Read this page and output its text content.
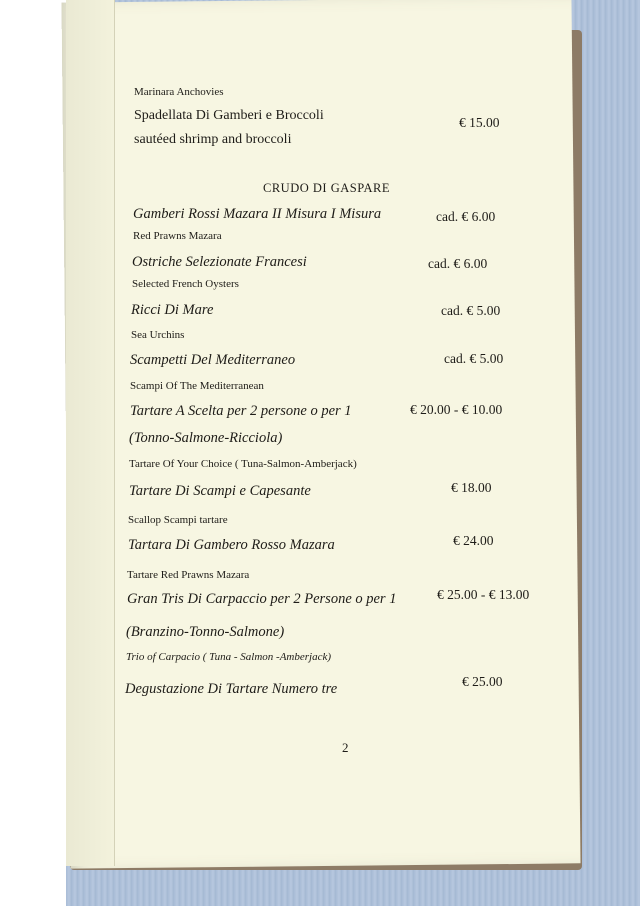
Marinara Anchovies
Spadellata Di Gamberi e Broccoli	€ 15.00
sautéed shrimp and broccoli
CRUDO DI GASPARE
Gamberi Rossi Mazara II Misura I Misura	cad. € 6.00
Red Prawns Mazara
Ostriche Selezionate Francesi	cad. € 6.00
Selected French Oysters
Ricci Di Mare	cad. € 5.00
Sea Urchins
Scampetti Del Mediterraneo	cad. € 5.00
Scampi Of The Mediterranean
Tartare A Scelta per 2 persone o per 1	€ 20.00 - € 10.00
(Tonno-Salmone-Ricciola)
Tartare Of Your Choice ( Tuna-Salmon-Amberjack)
Tartare Di Scampi e Capesante	€ 18.00
Scallop Scampi tartare
Tartara Di Gambero Rosso Mazara	€ 24.00
Tartare Red Prawns Mazara
Gran Tris Di Carpaccio per 2 Persone o per 1	€ 25.00 - € 13.00
(Branzino-Tonno-Salmone)
Trio of Carpacio ( Tuna - Salmon -Amberjack)
Degustazione Di Tartare Numero tre	€ 25.00
2
